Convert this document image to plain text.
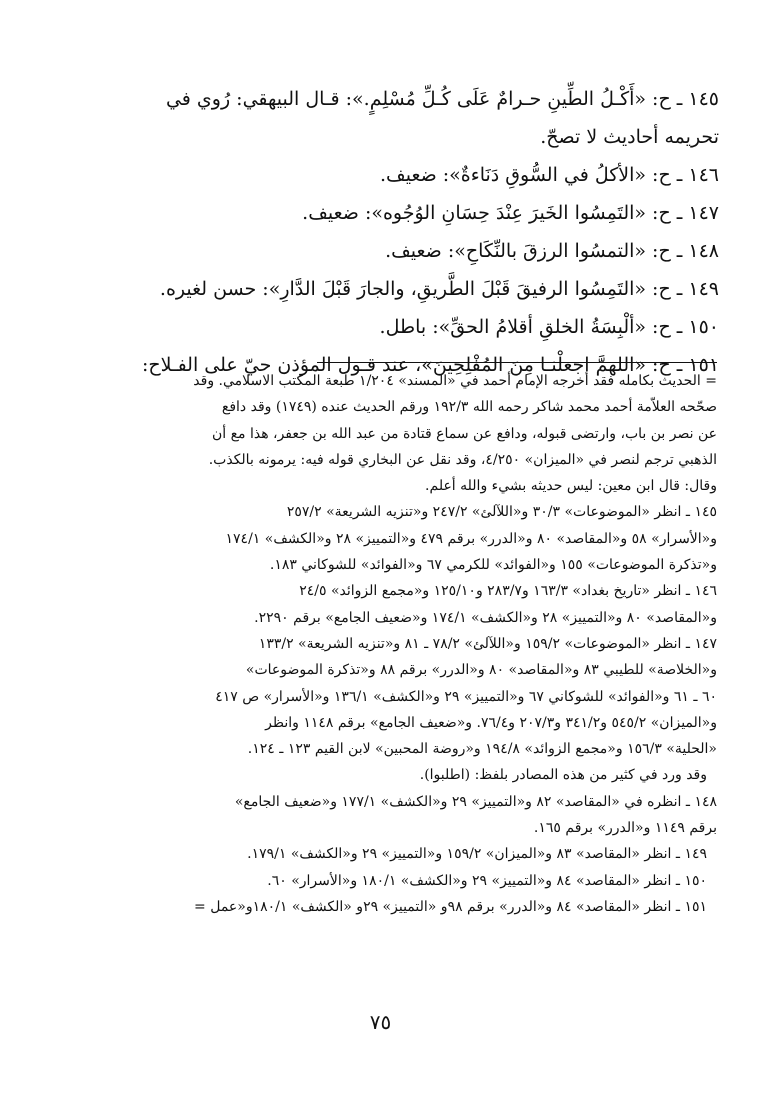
١٤٥ ـ ح: «أَكْـلُ الطِّينِ حـرامٌ عَلَى كُـلِّ مُسْلِمٍ.»: قـال البيهقي: رُوي في
تحريمه أحاديث لا تصحّ.
١٤٦ ـ ح: «الأكلُ في السُّوقِ دَنَاءةٌ»: ضعيف.
١٤٧ ـ ح: «التَمِسُوا الخَيرَ عِنْدَ حِسَانِ الوُجُوه»: ضعيف.
١٤٨ ـ ح: «التمسُوا الرزقَ بالنِّكَاحِ»: ضعيف.
١٤٩ ـ ح: «التَمِسُوا الرفيقَ قَبْلَ الطَّريقِ، والجارَ قَبْلَ الدَّارِ»: حسن لغيره.
١٥٠ ـ ح: «ألْبِسَةُ الخلقِ أقلامُ الحقِّ»: باطل.
١٥١ ـ ح: «اللهمَّ اجعلْنـا مِنَ المُفْلِحِينَ»، عند قـول المؤذن حيّ على الفـلاح:
= الحديث بكامله فقد أخرجه الإمام أحمد في «المسند» ١/٢٠٤ طبعة المكتب الاسلامي. وقد
صحّحه العلاّمة أحمد محمد شاكر رحمه الله ١٩٢/٣ ورقم الحديث عنده (١٧٤٩) وقد دافع
عن نصر بن باب، وارتضى قبوله، ودافع عن سماع قتادة من عبد الله بن جعفر، هذا مع أن
الذهبي ترجم لنصر في «الميزان» ٤/٢٥٠، وقد نقل عن البخاري قوله فيه: يرمونه بالكذب.
وقال: قال ابن معين: ليس حديثه بشيء والله أعلم.
١٤٥ ـ انظر «الموضوعات» ٣٠/٣ و«اللآلئ» ٢٤٧/٢ و«تنزيه الشريعة» ٢٥٧/٢
و«الأسرار» ٥٨ و«المقاصد» ٨٠ و«الدرر» برقم ٤٧٩ و«التمييز» ٢٨ و«الكشف» ١٧٤/١
و«تذكرة الموضوعات» ١٥٥ و«الفوائد» للكرمي ٦٧ و«الفوائد» للشوكاني ١٨٣.
١٤٦ ـ انظر «تاريخ بغداد» ١٦٣/٣ و٢٨٣/٧ و١٢٥/١٠ و«مجمع الزوائد» ٢٤/٥
و«المقاصد» ٨٠ و«التمييز» ٢٨ و«الكشف» ١٧٤/١ و«ضعيف الجامع» برقم ٢٢٩٠.
١٤٧ ـ انظر «الموضوعات» ١٥٩/٢ و«اللآلئ» ٧٨/٢ ـ ٨١ و«تنزيه الشريعة» ١٣٣/٢
و«الخلاصة» للطيبي ٨٣ و«المقاصد» ٨٠ و«الدرر» برقم ٨٨ و«تذكرة الموضوعات»
٦٠ ـ ٦١ و«الفوائد» للشوكاني ٦٧ و«التمييز» ٢٩ و«الكشف» ١٣٦/١ و«الأسرار» ص ٤١٧
و«الميزان» ٥٤٥/٢ و٣٤١/٢ و٢٠٧/٣ و٧٦/٤. و«ضعيف الجامع» برقم ١١٤٨ وانظر
«الحلية» ١٥٦/٣ و«مجمع الزوائد» ١٩٤/٨ و«روضة المحبين» لابن القيم ١٢٣ ـ ١٢٤.
وقد ورد في كثير من هذه المصادر بلفظ: (اطلبوا).
١٤٨ ـ انظره في «المقاصد» ٨٢ و«التمييز» ٢٩ و«الكشف» ١٧٧/١ و«ضعيف الجامع»
برقم ١١٤٩ و«الدرر» برقم ١٦٥.
١٤٩ ـ انظر «المقاصد» ٨٣ و«الميزان» ١٥٩/٢ و«التمييز» ٢٩ و«الكشف» ١٧٩/١.
١٥٠ ـ انظر «المقاصد» ٨٤ و«التمييز» ٢٩ و«الكشف» ١٨٠/١ و«الأسرار» ٦٠.
١٥١ ـ انظر «المقاصد» ٨٤ و«الدرر» برقم ٩٨و «التمييز» ٢٩و «الكشف» ١٨٠/١و«عمل =
٧٥
